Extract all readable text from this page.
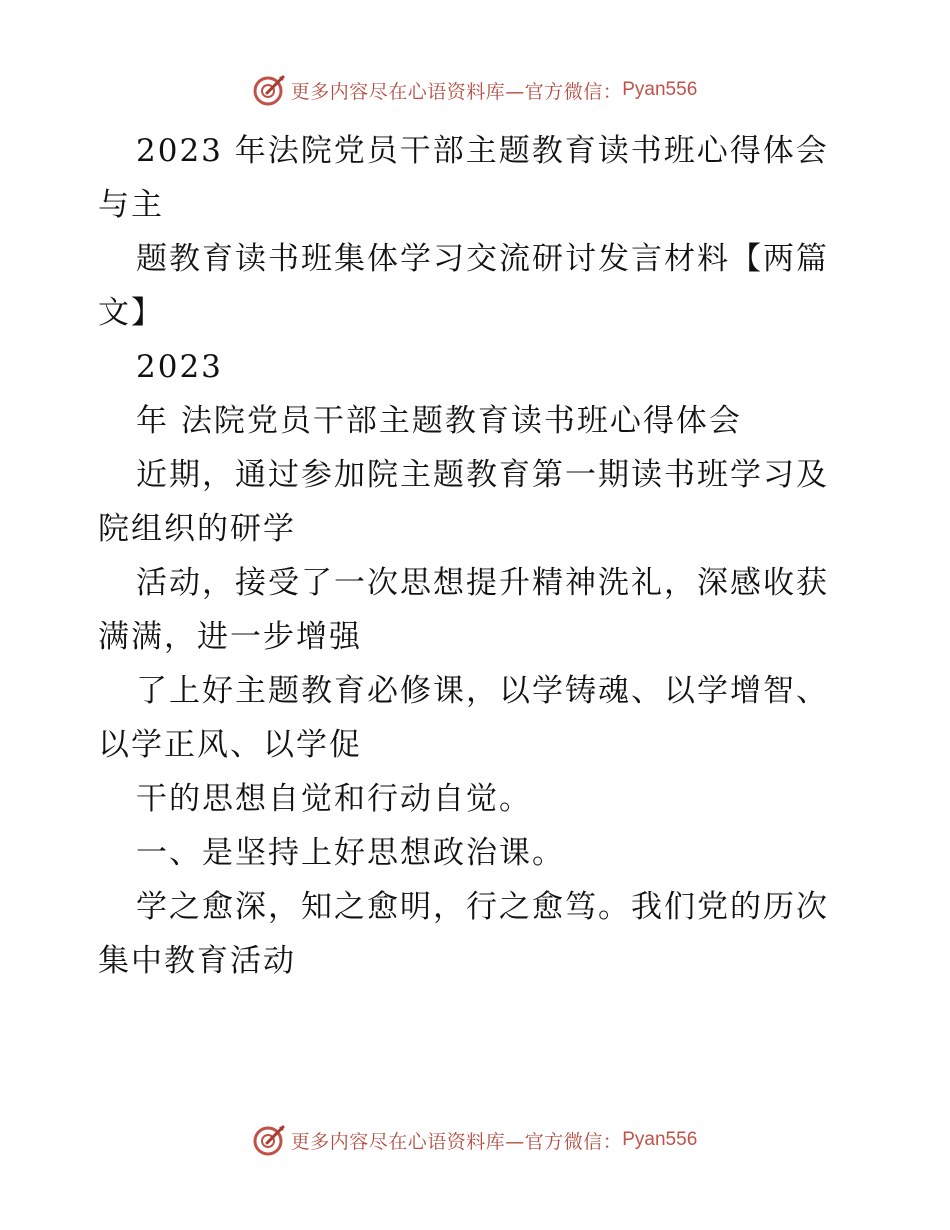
更多内容尽在心语资料库—官方微信： Pyan556
2023 年法院党员干部主题教育读书班心得体会
与主
题教育读书班集体学习交流研讨发言材料【两篇
文】
2023
年 法院党员干部主题教育读书班心得体会
近期，通过参加院主题教育第一期读书班学习及
院组织的研学
活动，接受了一次思想提升精神洗礼，深感收获
满满，进一步增强
了上好主题教育必修课，以学铸魂、以学增智、
以学正风、以学促
干的思想自觉和行动自觉。
一、是坚持上好思想政治课。
学之愈深，知之愈明，行之愈笃。我们党的历次
集中教育活动
更多内容尽在心语资料库—官方微信： Pyan556
